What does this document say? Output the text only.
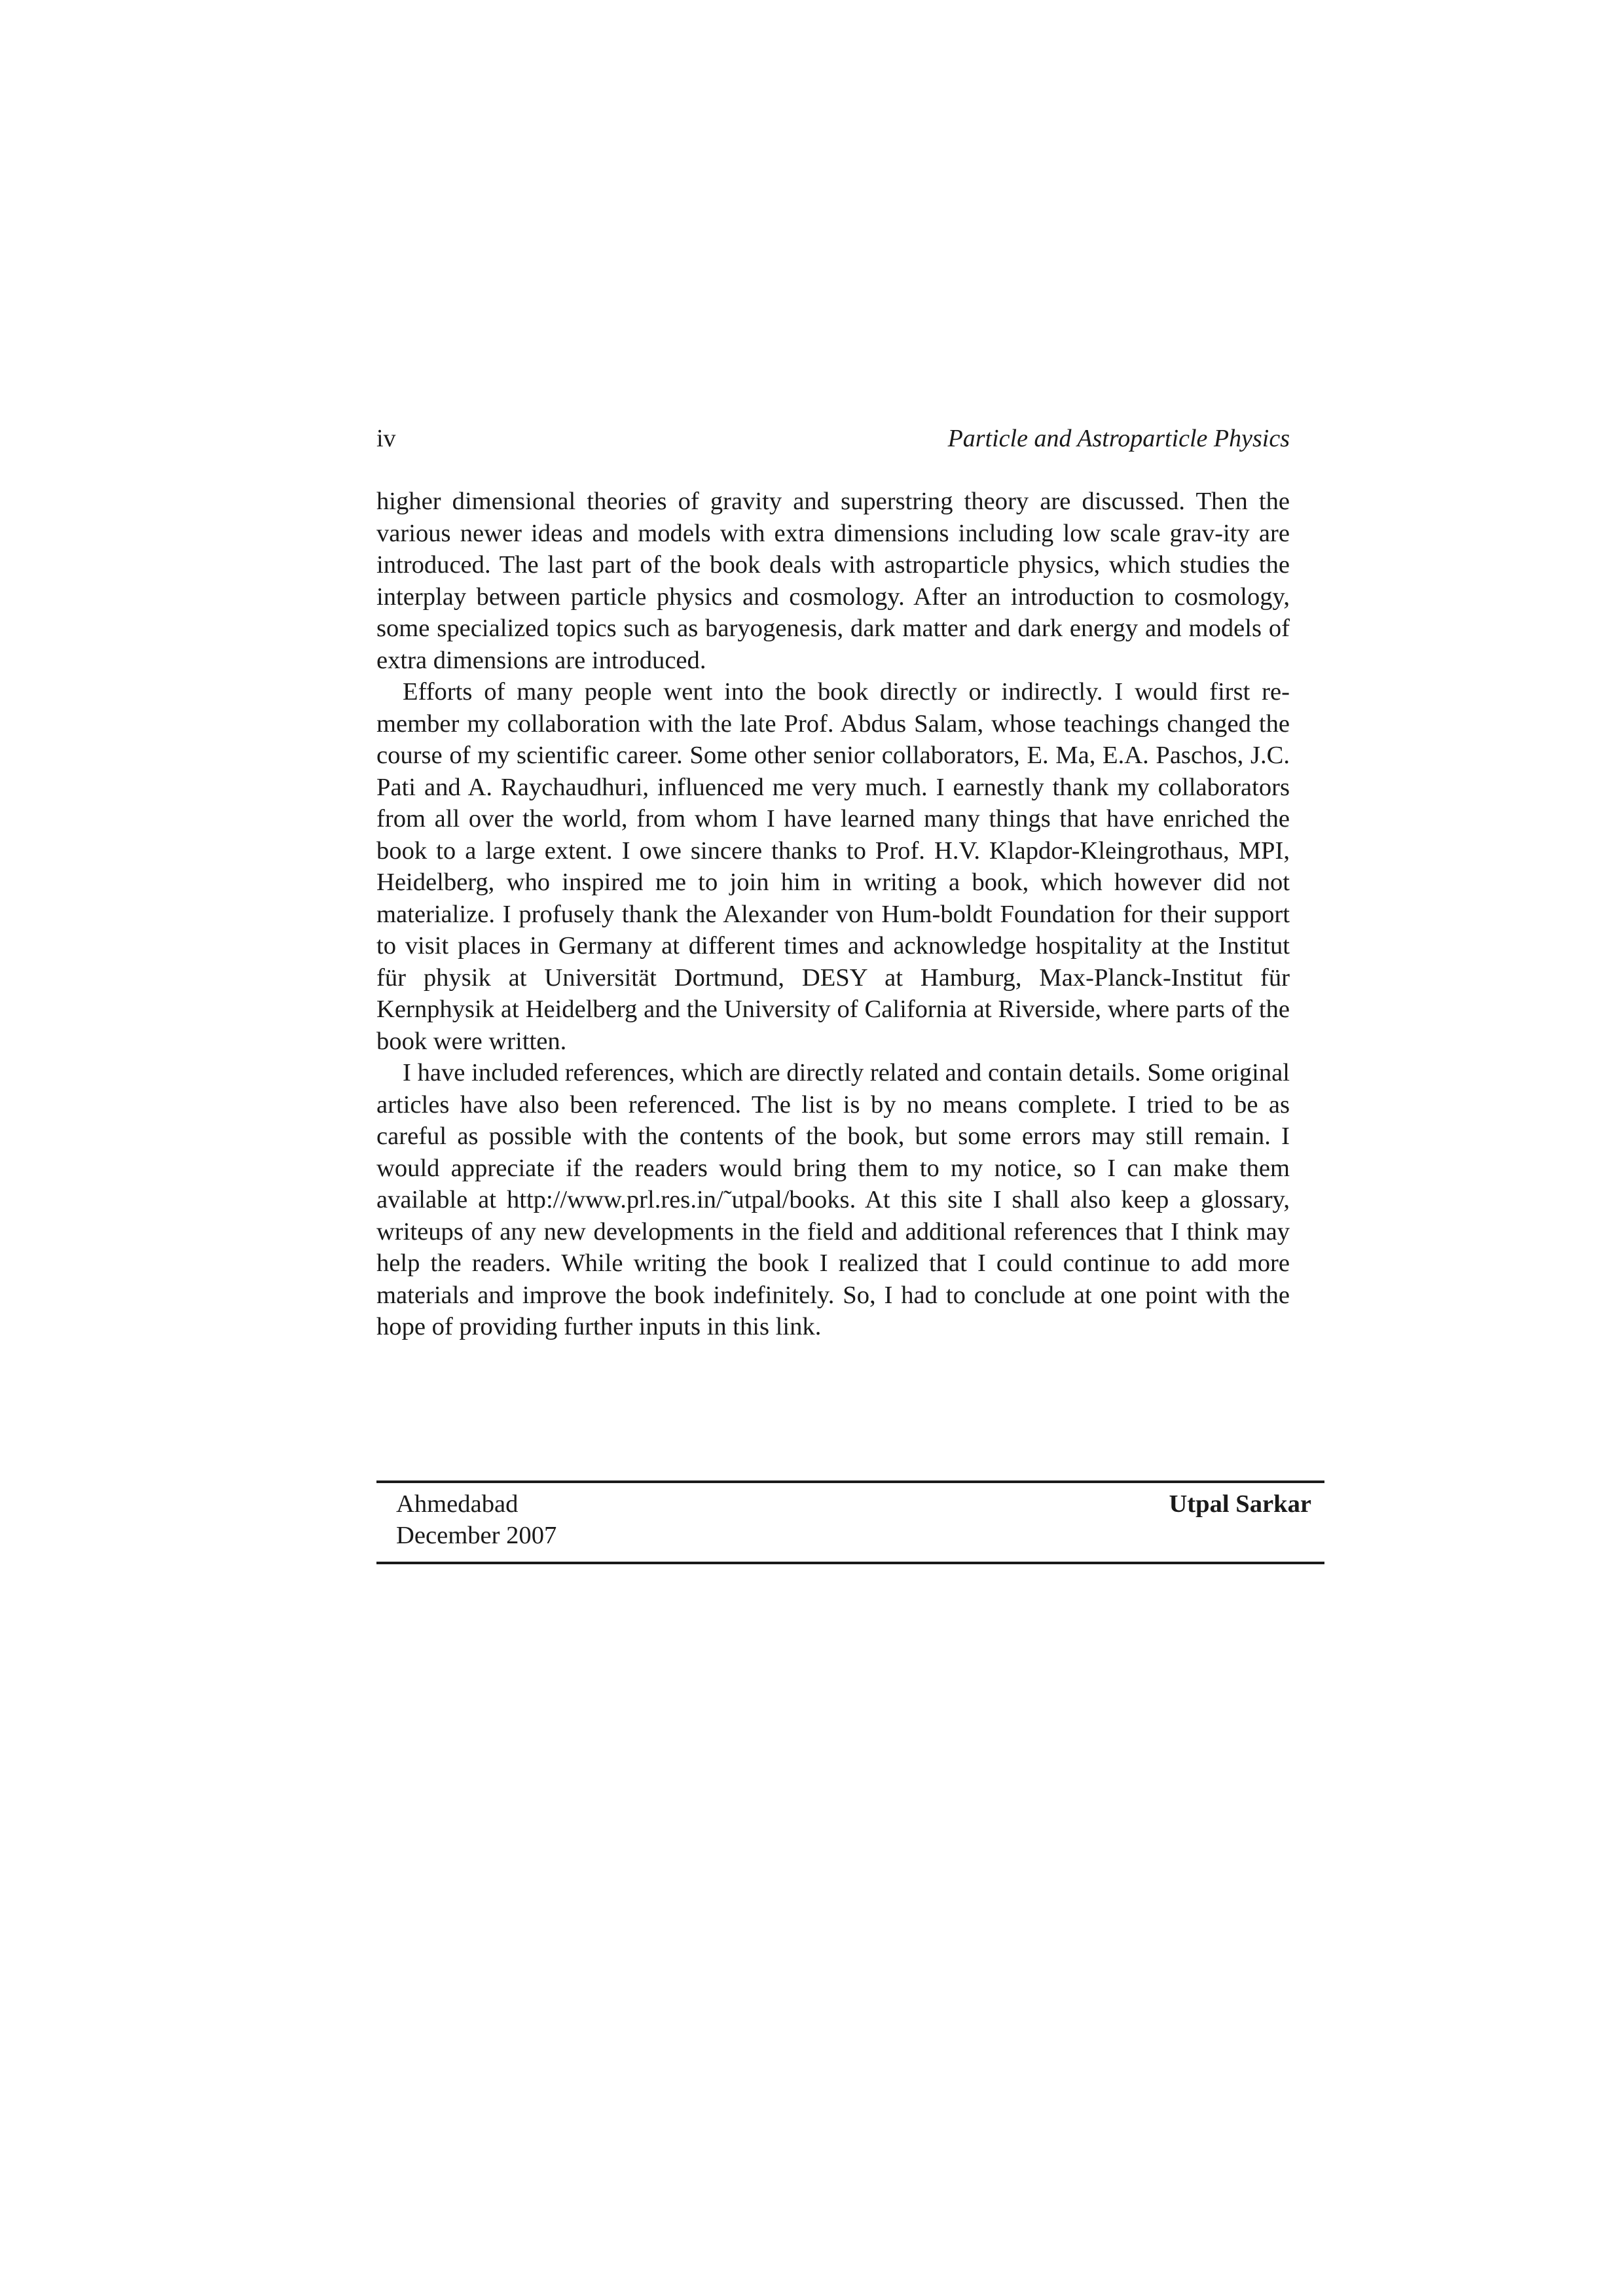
iv	Particle and Astroparticle Physics

higher dimensional theories of gravity and superstring theory are discussed. Then the various newer ideas and models with extra dimensions including low scale grav-​ity are introduced. The last part of the book deals with astroparticle physics, which studies the interplay between particle physics and cosmology. After an introduction to cosmology, some specialized topics such as baryogenesis, dark matter and dark energy and models of extra dimensions are introduced.

Efforts of many people went into the book directly or indirectly. I would first re-​member my collaboration with the late Prof. Abdus Salam, whose teachings changed the course of my scientific career. Some other senior collaborators, E. Ma, E.A. Paschos, J.C. Pati and A. Raychaudhuri, influenced me very much. I earnestly thank my collaborators from all over the world, from whom I have learned many things that have enriched the book to a large extent. I owe sincere thanks to Prof. H.V. Klapdor-Kleingrothaus, MPI, Heidelberg, who inspired me to join him in writing a book, which however did not materialize. I profusely thank the Alexander von Hum-​boldt Foundation for their support to visit places in Germany at different times and acknowledge hospitality at the Institut für physik at Universität Dortmund, DESY at Hamburg, Max-Planck-Institut für Kernphysik at Heidelberg and the University of California at Riverside, where parts of the book were written.

I have included references, which are directly related and contain details. Some original articles have also been referenced. The list is by no means complete. I tried to be as careful as possible with the contents of the book, but some errors may still remain. I would appreciate if the readers would bring them to my notice, so I can make them available at http://www.prl.res.in/˜utpal/books. At this site I shall also keep a glossary, writeups of any new developments in the field and additional references that I think may help the readers. While writing the book I realized that I could continue to add more materials and improve the book indefinitely. So, I had to conclude at one point with the hope of providing further inputs in this link.

Ahmedabad
December 2007
Utpal Sarkar
